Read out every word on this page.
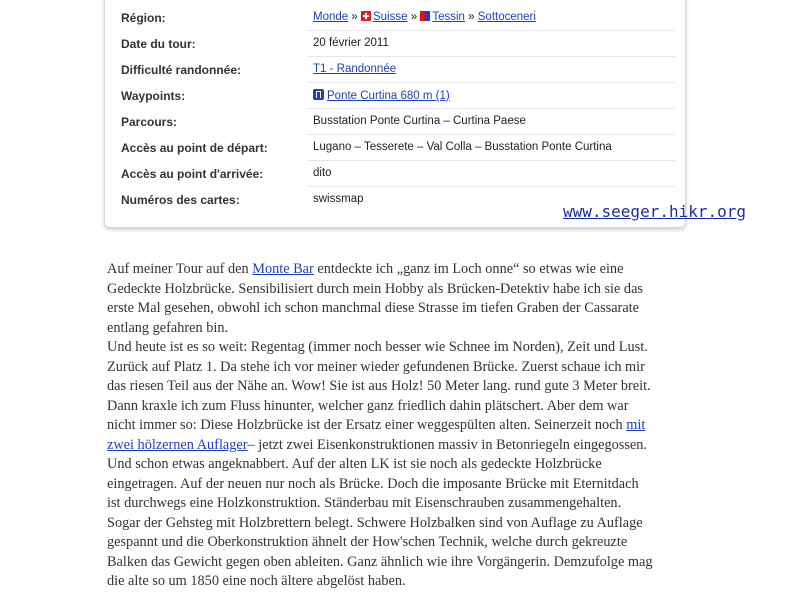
Région:	Monde » Suisse » Tessin » Sottoceneri
Date du tour:	20 février 2011
Difficulté randonnée:	T1 - Randonnée
Waypoints:	Ponte Curtina 680 m (1)
Parcours:	Busstation Ponte Curtina – Curtina Paese
Accès au point de départ:	Lugano – Tesserete – Val Colla – Busstation Ponte Curtina
Accès au point d'arrivée:	dito
Numéros des cartes:	swissmap
www.seeger.hikr.org

Auf meiner Tour auf den Monte Bar entdeckte ich „ganz im Loch onne“ so etwas wie eine
Gedeckte Holzbrücke. Sensibilisiert durch mein Hobby als Brücken-Detektiv habe ich sie das
erste Mal gesehen, obwohl ich schon manchmal diese Strasse im tiefen Graben der Cassarate
entlang gefahren bin.

Und heute ist es so weit: Regentag (immer noch besser wie Schnee im Norden), Zeit und Lust.
Zurück auf Platz 1. Da stehe ich vor meiner wieder gefundenen Brücke. Zuerst schaue ich mir
das riesen Teil aus der Nähe an. Wow! Sie ist aus Holz! 50 Meter lang. rund gute 3 Meter breit.
Dann kraxle ich zum Fluss hinunter, welcher ganz friedlich dahin plätschert. Aber dem war
nicht immer so: Diese Holzbrücke ist der Ersatz einer weggespülten alten. Seinerzeit noch mit
zwei hölzernen Auflager– jetzt zwei Eisenkonstruktionen massiv in Betonriegeln eingegossen.
Und schon etwas angeknabbert. Auf der alten LK ist sie noch als gedeckte Holzbrücke
eingetragen. Auf der neuen nur noch als Brücke. Doch die imposante Brücke mit Eternitdach
ist durchwegs eine Holzkonstruktion. Ständerbau mit Eisenschrauben zusammengehalten.
Sogar der Gehsteg mit Holzbrettern belegt. Schwere Holzbalken sind von Auflage zu Auflage
gespannt und die Oberkonstruktion ähnelt der How'schen Technik, welche durch gekreuzte
Balken das Gewicht gegen oben ableiten. Ganz ähnlich wie ihre Vorgängerin. Demzufolge mag
die alte so um 1850 eine noch ältere abgelöst haben.
